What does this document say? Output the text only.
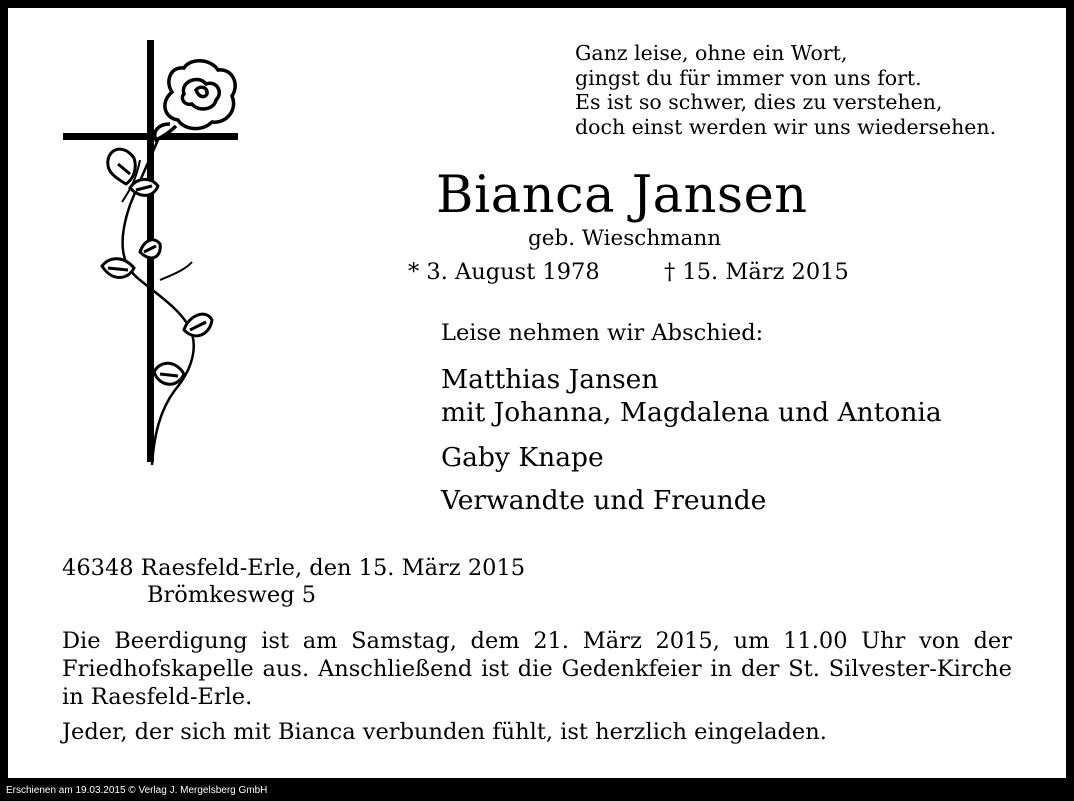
Ganz leise, ohne ein Wort,
gingst du für immer von uns fort.
Es ist so schwer, dies zu verstehen,
doch einst werden wir uns wiedersehen.
Bianca Jansen
geb. Wieschmann
* 3. August 1978	† 15. März 2015
Leise nehmen wir Abschied:
Matthias Jansen
mit Johanna, Magdalena und Antonia
Gaby Knape
Verwandte und Freunde
46348 Raesfeld-Erle, den 15. März 2015
Brömkesweg 5
Die Beerdigung ist am Samstag, dem 21. März 2015, um 11.00 Uhr von der Friedhofskapelle aus. Anschließend ist die Gedenkfeier in der St. Silvester-Kirche in Raesfeld-Erle.
Jeder, der sich mit Bianca verbunden fühlt, ist herzlich eingeladen.
Erschienen am 19.03.2015 © Verlag J. Mergelsberg GmbH
